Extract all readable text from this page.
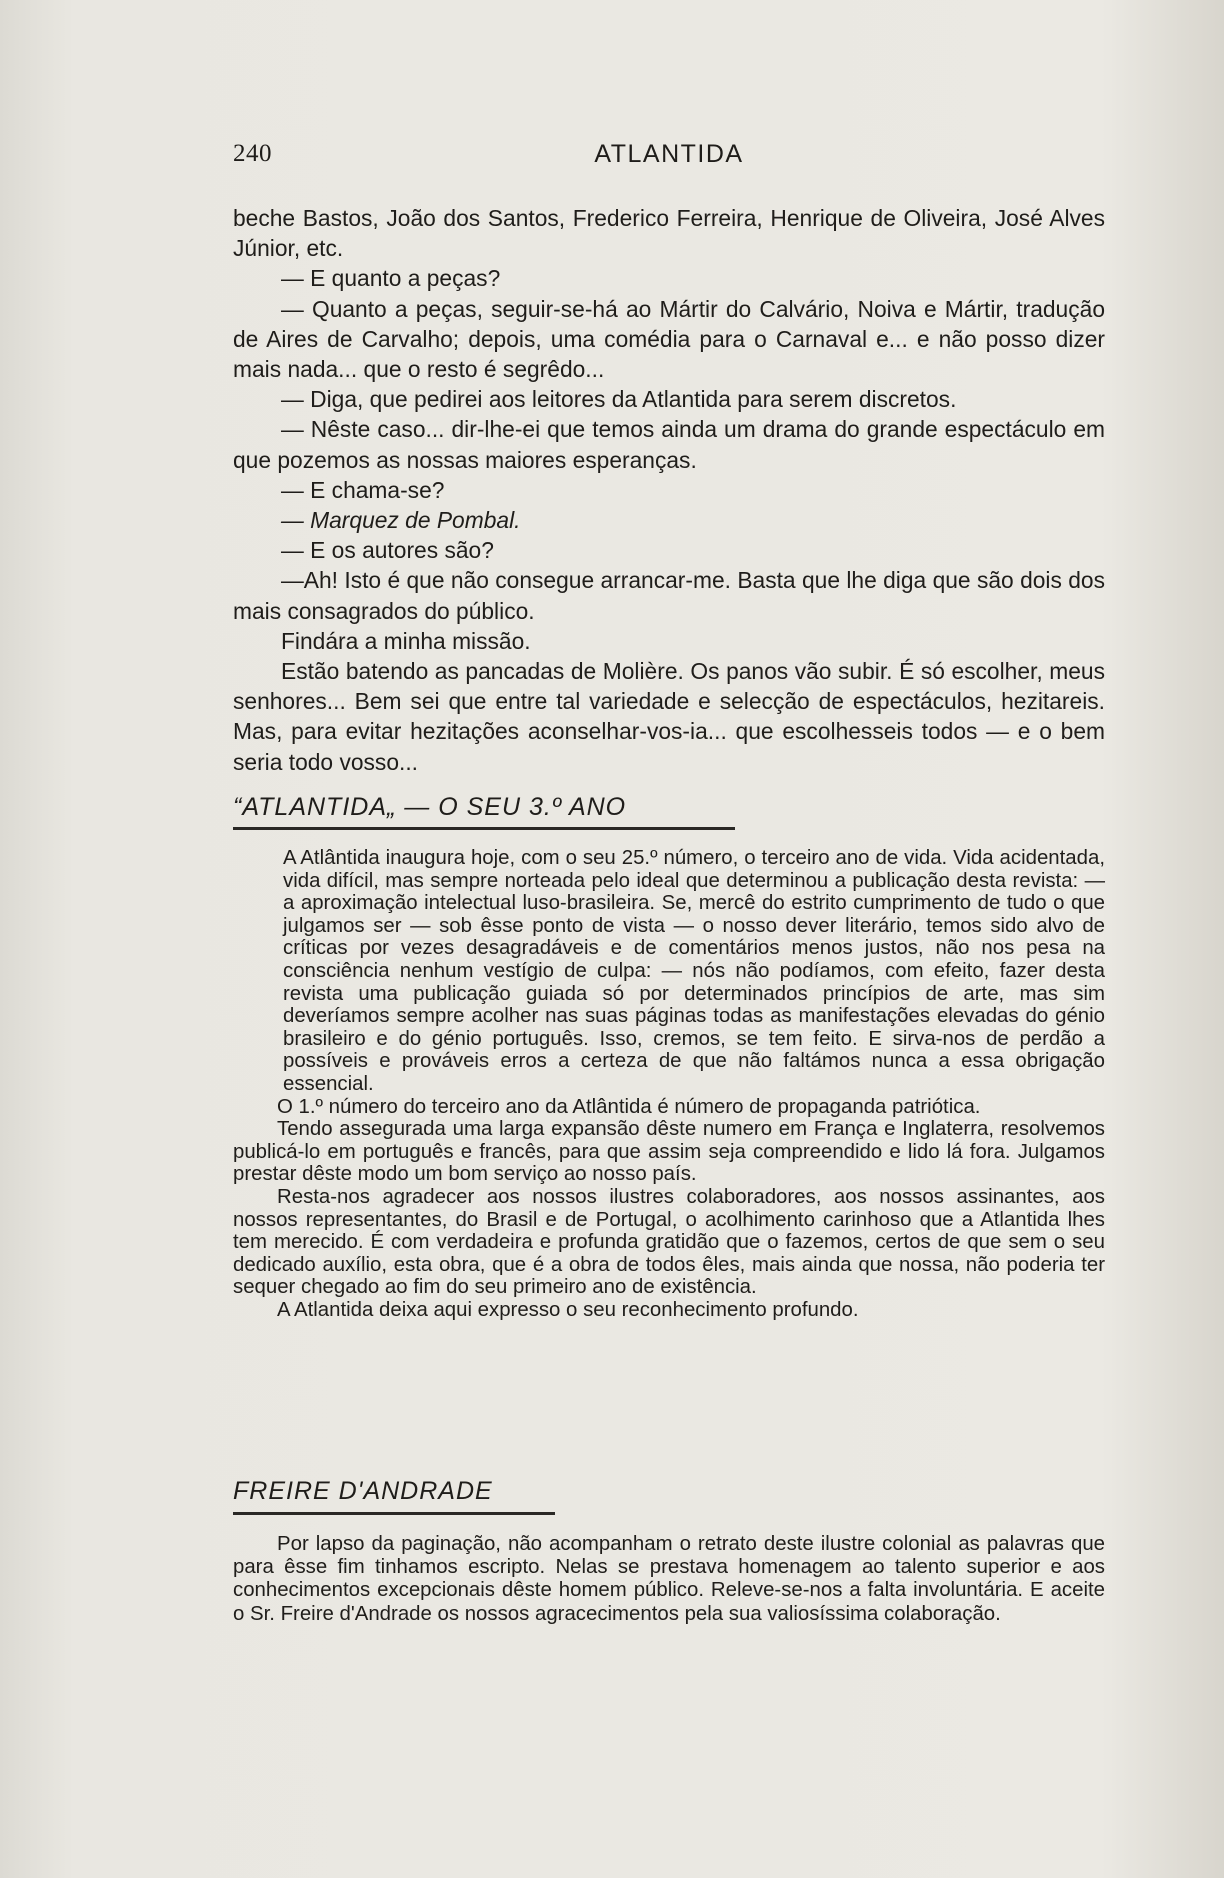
240	ATLANTIDA

beche Bastos, João dos Santos, Frederico Ferreira, Henrique de Oliveira, José Alves Júnior, etc.

— E quanto a peças?

— Quanto a peças, seguir-se-há ao Mártir do Calvário, Noiva e Mártir, tradução de Aires de Carvalho; depois, uma comédia para o Carnaval e... e não posso dizer mais nada... que o resto é segrêdo...

— Diga, que pedirei aos leitores da Atlantida para serem discretos.

— Nêste caso... dir-lhe-ei que temos ainda um drama do grande espectáculo em que pozemos as nossas maiores esperanças.

— E chama-se?

— Marquez de Pombal.

— E os autores são?

—Ah! Isto é que não consegue arrancar-me. Basta que lhe diga que são dois dos mais consagrados do público.

Findára a minha missão.

Estão batendo as pancadas de Molière. Os panos vão subir. É só escolher, meus senhores... Bem sei que entre tal variedade e selecção de espectáculos, hezitareis. Mas, para evitar hezitações aconselhar-vos-ia... que escolhesseis todos — e o bem seria todo vosso...

“ATLANTIDA„ — O SEU 3.º ANO

A Atlântida inaugura hoje, com o seu 25.º número, o terceiro ano de vida. Vida acidentada, vida difícil, mas sempre norteada pelo ideal que determinou a publicação desta revista: — a aproximação intelectual luso-brasileira. Se, mercê do estrito cumprimento de tudo o que julgamos ser — sob êsse ponto de vista — o nosso dever literário, temos sido alvo de críticas por vezes desagradáveis e de comentários menos justos, não nos pesa na consciência nenhum vestígio de culpa: — nós não podíamos, com efeito, fazer desta revista uma publicação guiada só por determinados princípios de arte, mas sim deveríamos sempre acolher nas suas páginas todas as manifestações elevadas do génio brasileiro e do génio português. Isso, cremos, se tem feito. E sirva-nos de perdão a possíveis e prováveis erros a certeza de que não faltámos nunca a essa obrigação essencial.

O 1.º número do terceiro ano da Atlântida é número de propaganda patriótica.

Tendo assegurada uma larga expansão dêste numero em França e Inglaterra, resolvemos publicá-lo em português e francês, para que assim seja compreendido e lido lá fora. Julgamos prestar dêste modo um bom serviço ao nosso país.

Resta-nos agradecer aos nossos ilustres colaboradores, aos nossos assinantes, aos nossos representantes, do Brasil e de Portugal, o acolhimento carinhoso que a Atlantida lhes tem merecido. É com verdadeira e profunda gratidão que o fazemos, certos de que sem o seu dedicado auxílio, esta obra, que é a obra de todos êles, mais ainda que nossa, não poderia ter sequer chegado ao fim do seu primeiro ano de existência.

A Atlantida deixa aqui expresso o seu reconhecimento profundo.

FREIRE D'ANDRADE

Por lapso da paginação, não acompanham o retrato deste ilustre colonial as palavras que para êsse fim tinhamos escripto. Nelas se prestava homenagem ao talento superior e aos conhecimentos excepcionais dêste homem público. Releve-se-nos a falta involuntária. E aceite o Sr. Freire d'Andrade os nossos agracecimentos pela sua valiosíssima colaboração.
